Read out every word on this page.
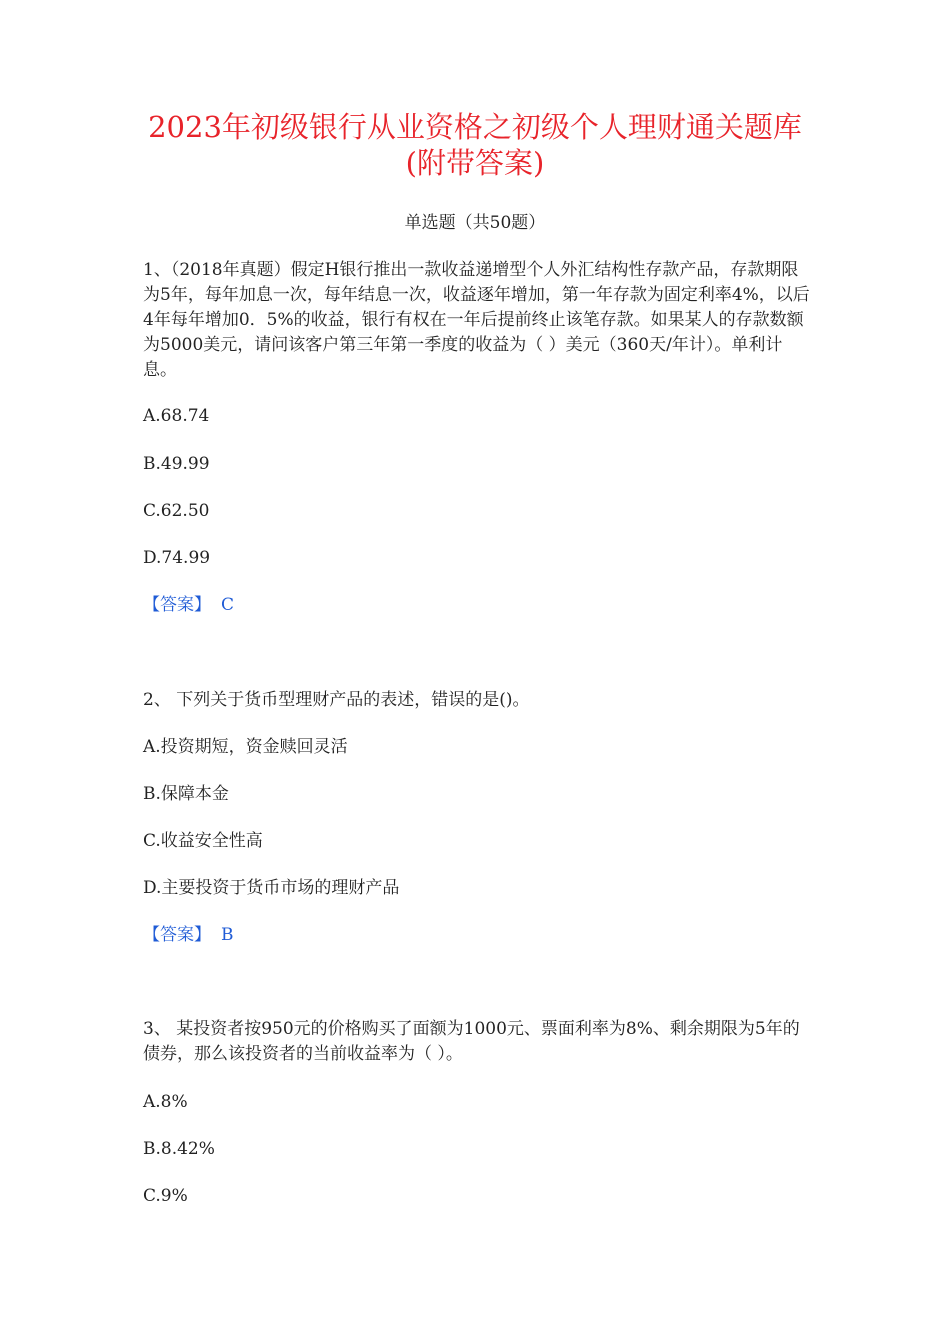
2023年初级银行从业资格之初级个人理财通关题库
(附带答案)
单选题（共50题）

1、（2018年真题）假定H银行推出一款收益递增型个人外汇结构性存款产品，存款期限为5年，每年加息一次，每年结息一次，收益逐年增加，第一年存款为固定利率4%，以后4年每年增加0．5%的收益，银行有权在一年后提前终止该笔存款。如果某人的存款数额为5000美元，请问该客户第三年第一季度的收益为（ ）美元（360天/年计）。单利计息。

A.68.74
B.49.99
C.62.50
D.74.99
【答案】 C

2、 下列关于货币型理财产品的表述，错误的是()。

A.投资期短，资金赎回灵活
B.保障本金
C.收益安全性高
D.主要投资于货币市场的理财产品
【答案】 B

3、 某投资者按950元的价格购买了面额为1000元、票面利率为8%、剩余期限为5年的债券，那么该投资者的当前收益率为（ ）。

A.8%
B.8.42%
C.9%
